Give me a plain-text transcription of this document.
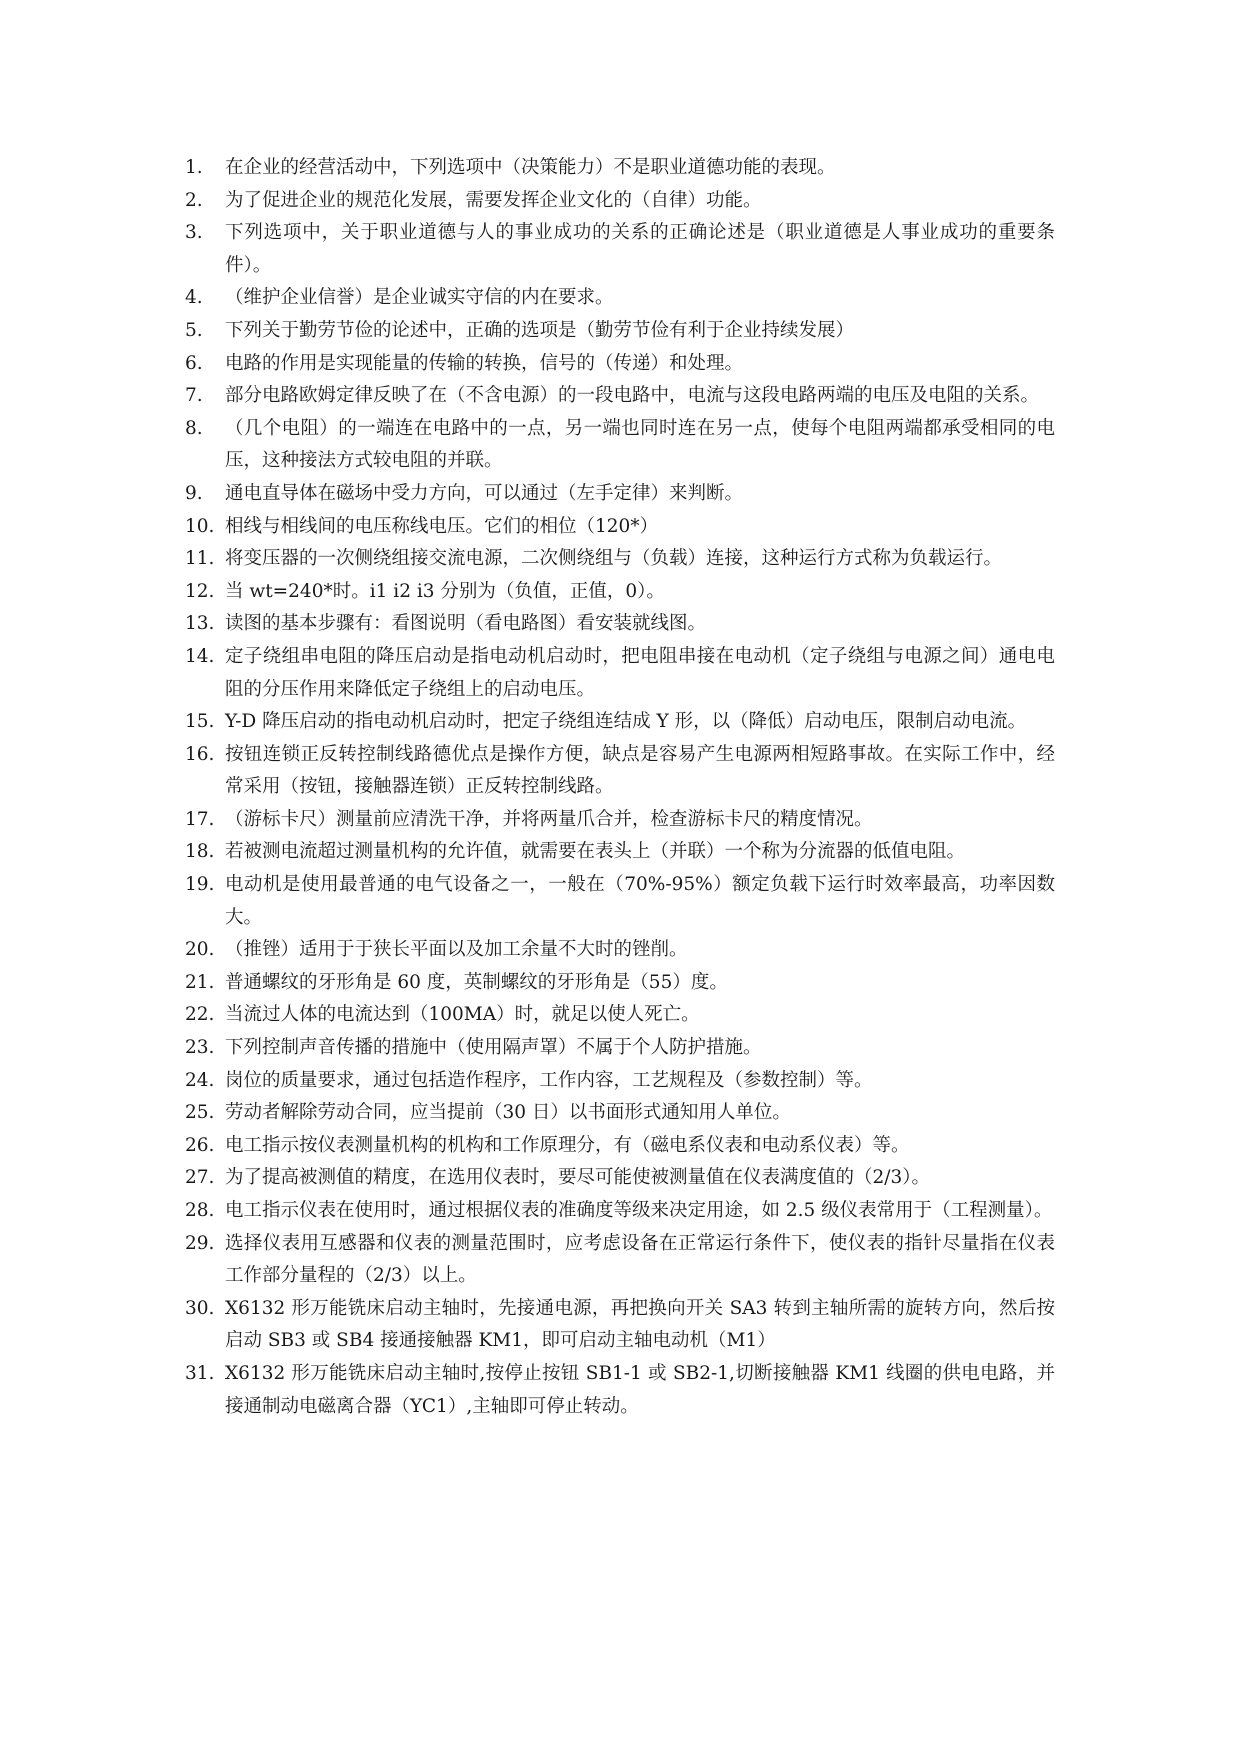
1.	在企业的经营活动中，下列选项中（决策能力）不是职业道德功能的表现。
2.	为了促进企业的规范化发展，需要发挥企业文化的（自律）功能。
3.	下列选项中，关于职业道德与人的事业成功的关系的正确论述是（职业道德是人事业成功的重要条件）。
4.	（维护企业信誉）是企业诚实守信的内在要求。
5.	下列关于勤劳节俭的论述中，正确的选项是（勤劳节俭有利于企业持续发展）
6.	电路的作用是实现能量的传输的转换，信号的（传递）和处理。
7.	部分电路欧姆定律反映了在（不含电源）的一段电路中，电流与这段电路两端的电压及电阻的关系。
8.	（几个电阻）的一端连在电路中的一点，另一端也同时连在另一点，使每个电阻两端都承受相同的电压，这种接法方式较电阻的并联。
9.	通电直导体在磁场中受力方向，可以通过（左手定律）来判断。
10. 相线与相线间的电压称线电压。它们的相位（120*）
11. 将变压器的一次侧绕组接交流电源，二次侧绕组与（负载）连接，这种运行方式称为负载运行。
12. 当 wt=240*时。i1 i2 i3 分别为（负值，正值，0）。
13. 读图的基本步骤有：看图说明（看电路图）看安装就线图。
14. 定子绕组串电阻的降压启动是指电动机启动时，把电阻串接在电动机（定子绕组与电源之间）通电电阻的分压作用来降低定子绕组上的启动电压。
15. Y-D 降压启动的指电动机启动时，把定子绕组连结成 Y 形，以（降低）启动电压，限制启动电流。
16. 按钮连锁正反转控制线路德优点是操作方便，缺点是容易产生电源两相短路事故。在实际工作中，经常采用（按钮，接触器连锁）正反转控制线路。
17. （游标卡尺）测量前应清洗干净，并将两量爪合并，检查游标卡尺的精度情况。
18. 若被测电流超过测量机构的允许值，就需要在表头上（并联）一个称为分流器的低值电阻。
19. 电动机是使用最普通的电气设备之一，一般在（70%-95%）额定负载下运行时效率最高，功率因数大。
20. （推锉）适用于于狭长平面以及加工余量不大时的锉削。
21. 普通螺纹的牙形角是 60 度，英制螺纹的牙形角是（55）度。
22. 当流过人体的电流达到（100MA）时，就足以使人死亡。
23. 下列控制声音传播的措施中（使用隔声罩）不属于个人防护措施。
24. 岗位的质量要求，通过包括造作程序，工作内容，工艺规程及（参数控制）等。
25. 劳动者解除劳动合同，应当提前（30 日）以书面形式通知用人单位。
26. 电工指示按仪表测量机构的机构和工作原理分，有（磁电系仪表和电动系仪表）等。
27. 为了提高被测值的精度，在选用仪表时，要尽可能使被测量值在仪表满度值的（2/3）。
28. 电工指示仪表在使用时，通过根据仪表的准确度等级来决定用途，如 2.5 级仪表常用于（工程测量）。
29. 选择仪表用互感器和仪表的测量范围时，应考虑设备在正常运行条件下，使仪表的指针尽量指在仪表工作部分量程的（2/3）以上。
30. X6132 形万能铣床启动主轴时，先接通电源，再把换向开关 SA3 转到主轴所需的旋转方向，然后按启动 SB3 或 SB4 接通接触器 KM1，即可启动主轴电动机（M1）
31. X6132 形万能铣床启动主轴时,按停止按钮 SB1-1 或 SB2-1,切断接触器 KM1 线圈的供电电路，并接通制动电磁离合器（YC1）,主轴即可停止转动。
